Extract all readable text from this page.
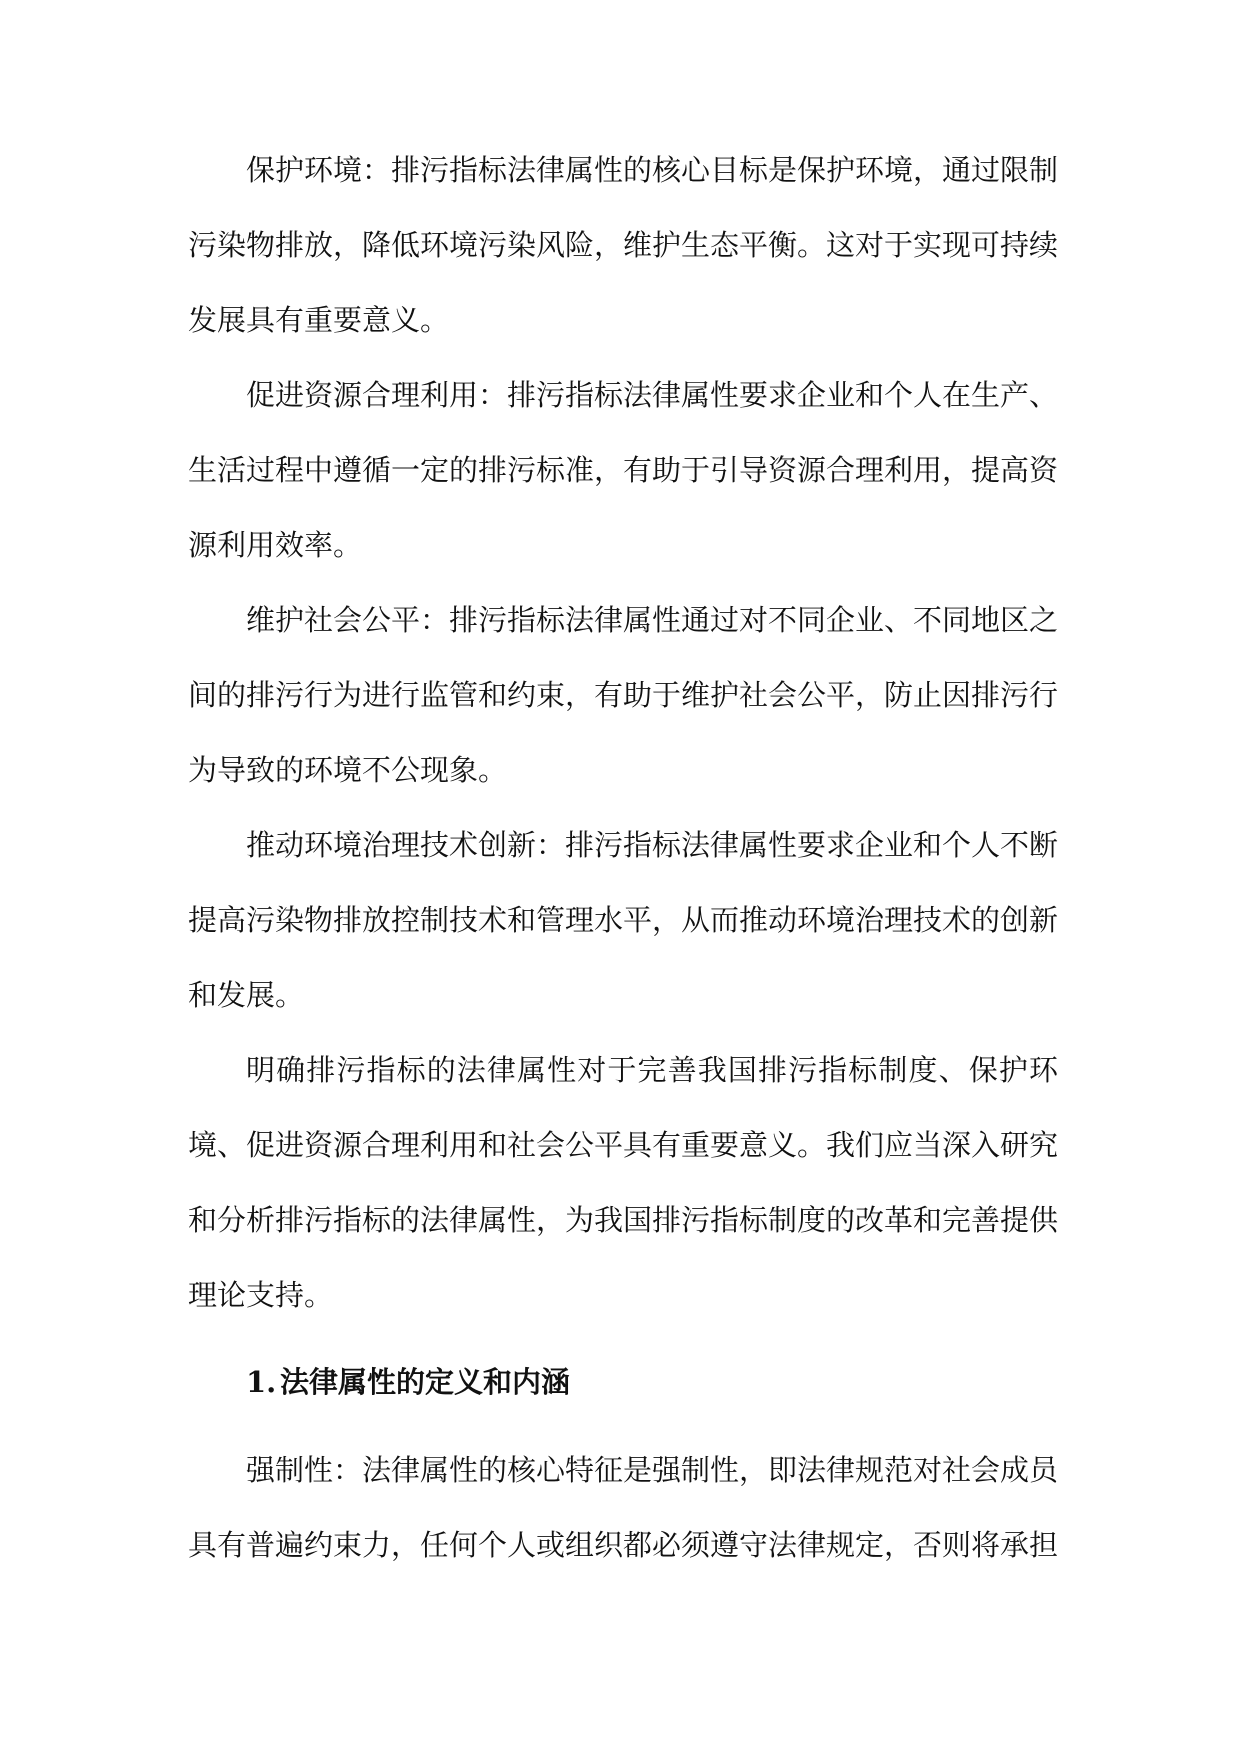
保护环境：排污指标法律属性的核心目标是保护环境，通过限制污染物排放，降低环境污染风险，维护生态平衡。这对于实现可持续发展具有重要意义。

促进资源合理利用：排污指标法律属性要求企业和个人在生产、生活过程中遵循一定的排污标准，有助于引导资源合理利用，提高资源利用效率。

维护社会公平：排污指标法律属性通过对不同企业、不同地区之间的排污行为进行监管和约束，有助于维护社会公平，防止因排污行为导致的环境不公现象。

推动环境治理技术创新：排污指标法律属性要求企业和个人不断提高污染物排放控制技术和管理水平，从而推动环境治理技术的创新和发展。

明确排污指标的法律属性对于完善我国排污指标制度、保护环境、促进资源合理利用和社会公平具有重要意义。我们应当深入研究和分析排污指标的法律属性，为我国排污指标制度的改革和完善提供理论支持。

1. 法律属性的定义和内涵

强制性：法律属性的核心特征是强制性，即法律规范对社会成员具有普遍约束力，任何个人或组织都必须遵守法律规定，否则将承担
